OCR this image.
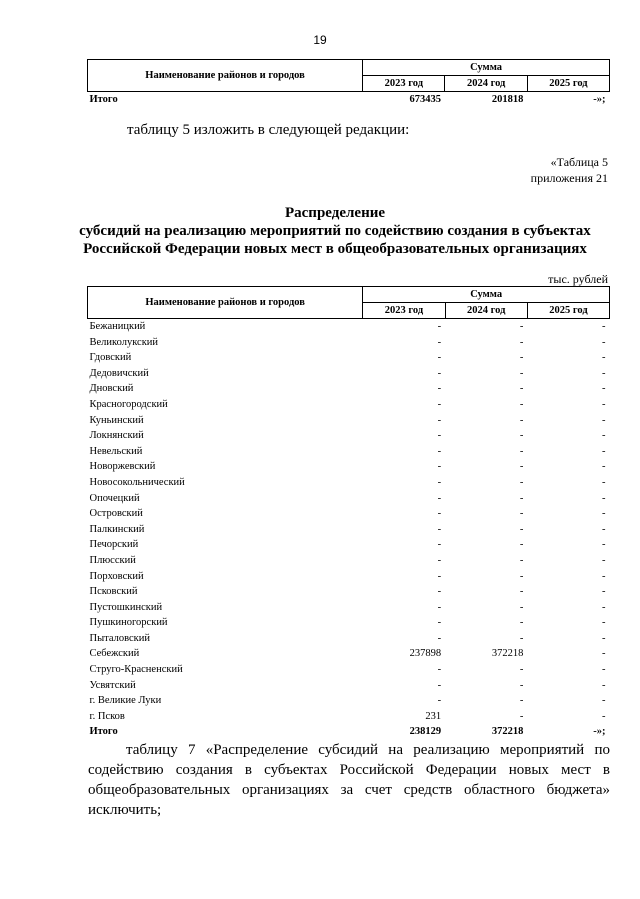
19
Наименование районов и городов	Сумма		
	2023 год	2024 год	2025 год
Итого	673435	201818	-»;
таблицу 5 изложить в следующей редакции:
«Таблица 5
приложения 21
Распределение
субсидий на реализацию мероприятий по содействию создания в субъектах
Российской Федерации новых мест в общеобразовательных организациях
тыс. рублей
Наименование районов и городов	Сумма		
	2023 год	2024 год	2025 год
Бежаницкий	-	-	-
Великолукский	-	-	-
Гдовский	-	-	-
Дедовичский	-	-	-
Дновский	-	-	-
Красногородский	-	-	-
Куньинский	-	-	-
Локнянский	-	-	-
Невельский	-	-	-
Новоржевский	-	-	-
Новосокольнический	-	-	-
Опочецкий	-	-	-
Островский	-	-	-
Палкинский	-	-	-
Печорский	-	-	-
Плюсский	-	-	-
Порховский	-	-	-
Псковский	-	-	-
Пустошкинский	-	-	-
Пушкиногорский	-	-	-
Пыталовский	-	-	-
Себежский	237898	372218	-
Струго-Красненский	-	-	-
Усвятский	-	-	-
г. Великие Луки	-	-	-
г. Псков	231	-	-
Итого	238129	372218	-»;
таблицу 7 «Распределение субсидий на реализацию мероприятий по содействию создания в субъектах Российской Федерации новых мест в общеобразовательных организациях за счет средств областного бюджета» исключить;
